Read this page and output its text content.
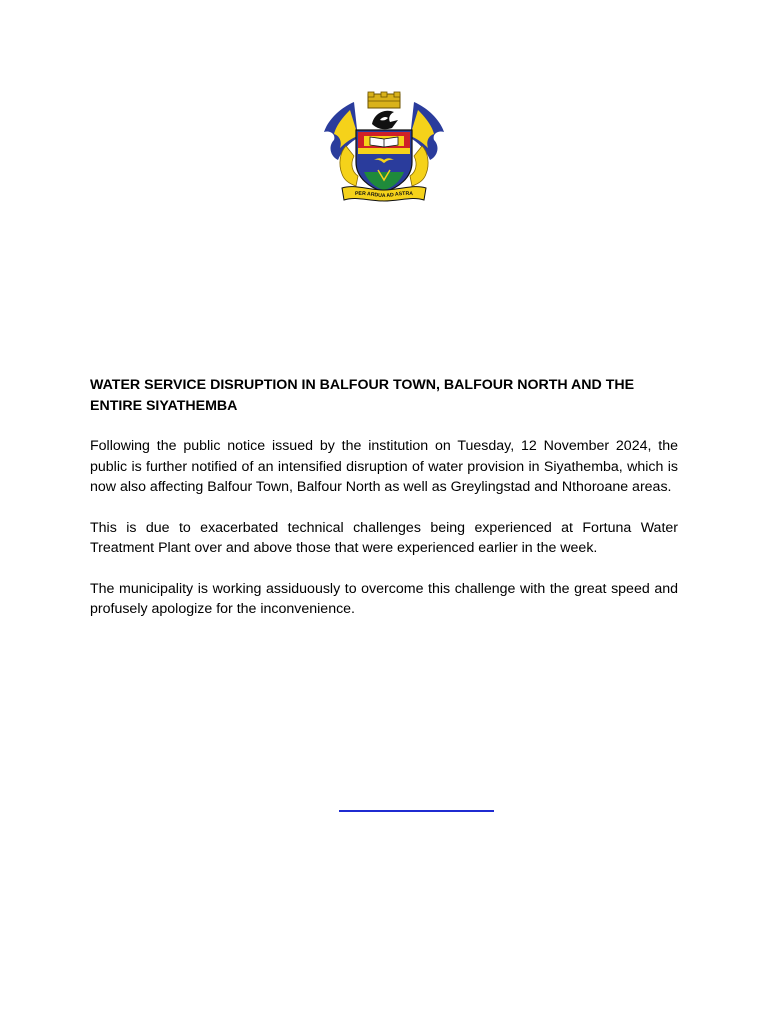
PER ARDUA AD ASTRA
WATER SERVICE DISRUPTION IN BALFOUR TOWN, BALFOUR NORTH AND THE ENTIRE SIYATHEMBA

Following the public notice issued by the institution on Tuesday, 12 November 2024, the public is further notified of an intensified disruption of water provision in Siyathemba, which is now also affecting Balfour Town, Balfour North as well as Greylingstad and Nthoroane areas.

This is due to exacerbated technical challenges being experienced at Fortuna Water Treatment Plant over and above those that were experienced earlier in the week.

The municipality is working assiduously to overcome this challenge with the great speed and profusely apologize for the inconvenience.
